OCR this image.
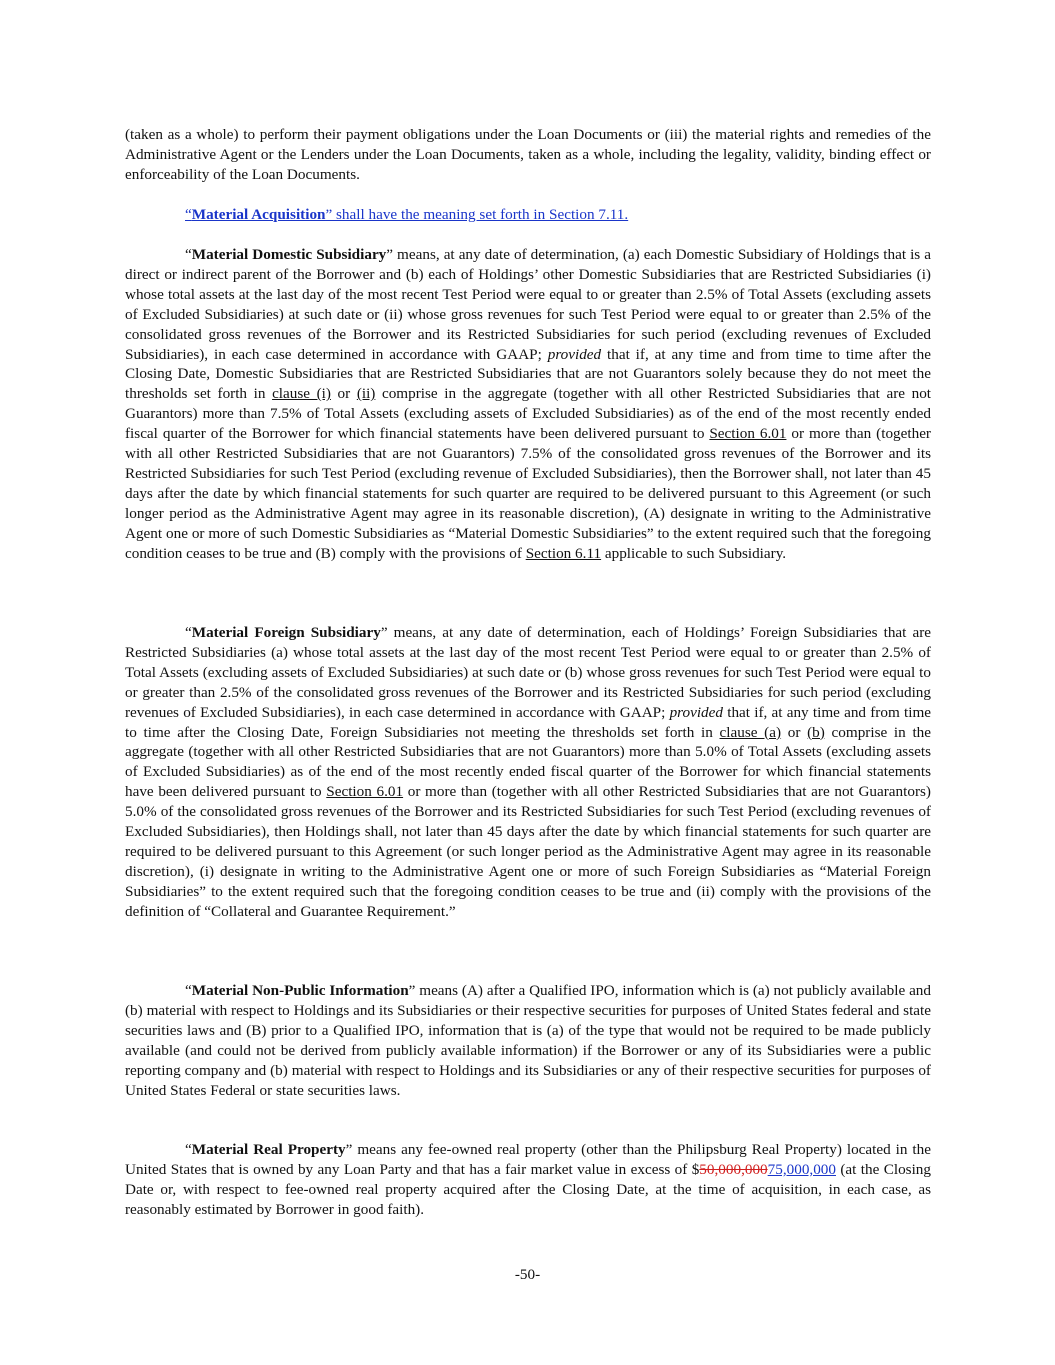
(taken as a whole) to perform their payment obligations under the Loan Documents or (iii) the material rights and remedies of the Administrative Agent or the Lenders under the Loan Documents, taken as a whole, including the legality, validity, binding effect or enforceability of the Loan Documents.

“Material Acquisition” shall have the meaning set forth in Section 7.11.

“Material Domestic Subsidiary” means, at any date of determination, (a) each Domestic Subsidiary of Holdings that is a direct or indirect parent of the Borrower and (b) each of Holdings’ other Domestic Subsidiaries that are Restricted Subsidiaries (i) whose total assets at the last day of the most recent Test Period were equal to or greater than 2.5% of Total Assets (excluding assets of Excluded Subsidiaries) at such date or (ii) whose gross revenues for such Test Period were equal to or greater than 2.5% of the consolidated gross revenues of the Borrower and its Restricted Subsidiaries for such period (excluding revenues of Excluded Subsidiaries), in each case determined in accordance with GAAP; provided that if, at any time and from time to time after the Closing Date, Domestic Subsidiaries that are Restricted Subsidiaries that are not Guarantors solely because they do not meet the thresholds set forth in clause (i) or (ii) comprise in the aggregate (together with all other Restricted Subsidiaries that are not Guarantors) more than 7.5% of Total Assets (excluding assets of Excluded Subsidiaries) as of the end of the most recently ended fiscal quarter of the Borrower for which financial statements have been delivered pursuant to Section 6.01 or more than (together with all other Restricted Subsidiaries that are not Guarantors) 7.5% of the consolidated gross revenues of the Borrower and its Restricted Subsidiaries for such Test Period (excluding revenue of Excluded Subsidiaries), then the Borrower shall, not later than 45 days after the date by which financial statements for such quarter are required to be delivered pursuant to this Agreement (or such longer period as the Administrative Agent may agree in its reasonable discretion), (A) designate in writing to the Administrative Agent one or more of such Domestic Subsidiaries as “Material Domestic Subsidiaries” to the extent required such that the foregoing condition ceases to be true and (B) comply with the provisions of Section 6.11 applicable to such Subsidiary.

“Material Foreign Subsidiary” means, at any date of determination, each of Holdings’ Foreign Subsidiaries that are Restricted Subsidiaries (a) whose total assets at the last day of the most recent Test Period were equal to or greater than 2.5% of Total Assets (excluding assets of Excluded Subsidiaries) at such date or (b) whose gross revenues for such Test Period were equal to or greater than 2.5% of the consolidated gross revenues of the Borrower and its Restricted Subsidiaries for such period (excluding revenues of Excluded Subsidiaries), in each case determined in accordance with GAAP; provided that if, at any time and from time to time after the Closing Date, Foreign Subsidiaries not meeting the thresholds set forth in clause (a) or (b) comprise in the aggregate (together with all other Restricted Subsidiaries that are not Guarantors) more than 5.0% of Total Assets (excluding assets of Excluded Subsidiaries) as of the end of the most recently ended fiscal quarter of the Borrower for which financial statements have been delivered pursuant to Section 6.01 or more than (together with all other Restricted Subsidiaries that are not Guarantors) 5.0% of the consolidated gross revenues of the Borrower and its Restricted Subsidiaries for such Test Period (excluding revenues of Excluded Subsidiaries), then Holdings shall, not later than 45 days after the date by which financial statements for such quarter are required to be delivered pursuant to this Agreement (or such longer period as the Administrative Agent may agree in its reasonable discretion), (i) designate in writing to the Administrative Agent one or more of such Foreign Subsidiaries as “Material Foreign Subsidiaries” to the extent required such that the foregoing condition ceases to be true and (ii) comply with the provisions of the definition of “Collateral and Guarantee Requirement.”

“Material Non-Public Information” means (A) after a Qualified IPO, information which is (a) not publicly available and (b) material with respect to Holdings and its Subsidiaries or their respective securities for purposes of United States federal and state securities laws and (B) prior to a Qualified IPO, information that is (a) of the type that would not be required to be made publicly available (and could not be derived from publicly available information) if the Borrower or any of its Subsidiaries were a public reporting company and (b) material with respect to Holdings and its Subsidiaries or any of their respective securities for purposes of United States Federal or state securities laws.

“Material Real Property” means any fee-owned real property (other than the Philipsburg Real Property) located in the United States that is owned by any Loan Party and that has a fair market value in excess of $50,000,00075,000,000 (at the Closing Date or, with respect to fee-owned real property acquired after the Closing Date, at the time of acquisition, in each case, as reasonably estimated by Borrower in good faith).

-50-
